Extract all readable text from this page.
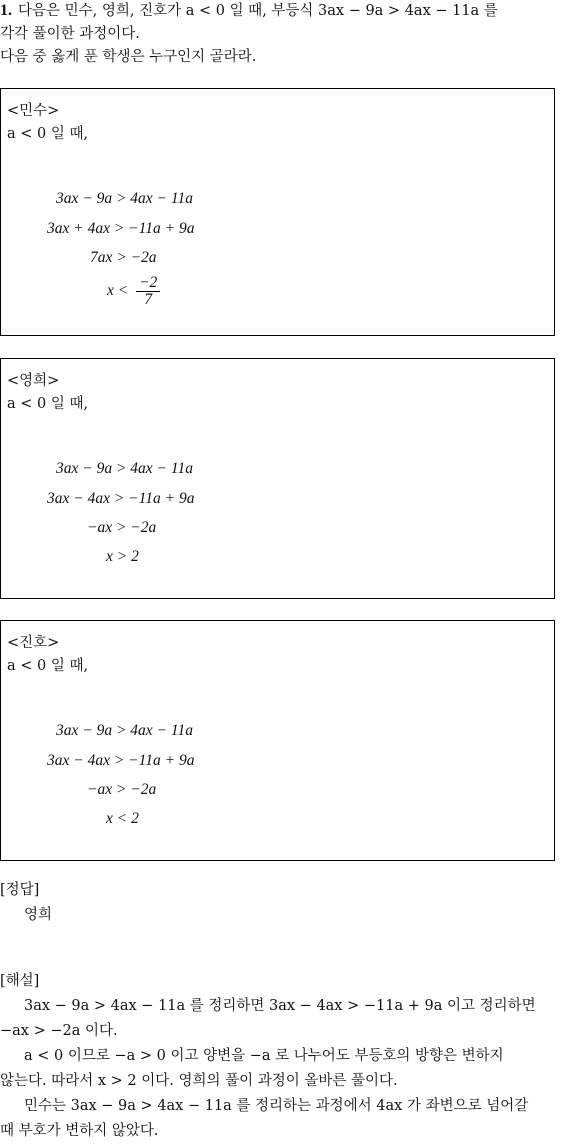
1. 다음은 민수, 영희, 진호가 a < 0 일 때, 부등식 3ax − 9a > 4ax − 11a 를
각각 풀이한 과정이다.
다음 중 옳게 푼 학생은 누구인지 골라라.
<민수>
a < 0 일 때,
3ax − 9a > 4ax − 11a
3ax + 4ax > −11a + 9a
7ax > −2a
$x < \frac{-2}{7}$
<영희>
a < 0 일 때,
3ax − 9a > 4ax − 11a
3ax − 4ax > −11a + 9a
−ax > −2a
x > 2
<진호>
a < 0 일 때,
3ax − 9a > 4ax − 11a
3ax − 4ax > −11a + 9a
−ax > −2a
x < 2
[정답]
영희
[해설]
3ax − 9a > 4ax − 11a 를 정리하면 3ax − 4ax > −11a + 9a 이고 정리하면
−ax > −2a 이다.
a < 0 이므로 −a > 0 이고 양변을 −a 로 나누어도 부등호의 방향은 변하지
않는다. 따라서 x > 2 이다. 영희의 풀이 과정이 올바른 풀이다.
민수는 3ax − 9a > 4ax − 11a 를 정리하는 과정에서 4ax 가 좌변으로 넘어갈
때 부호가 변하지 않았다.
